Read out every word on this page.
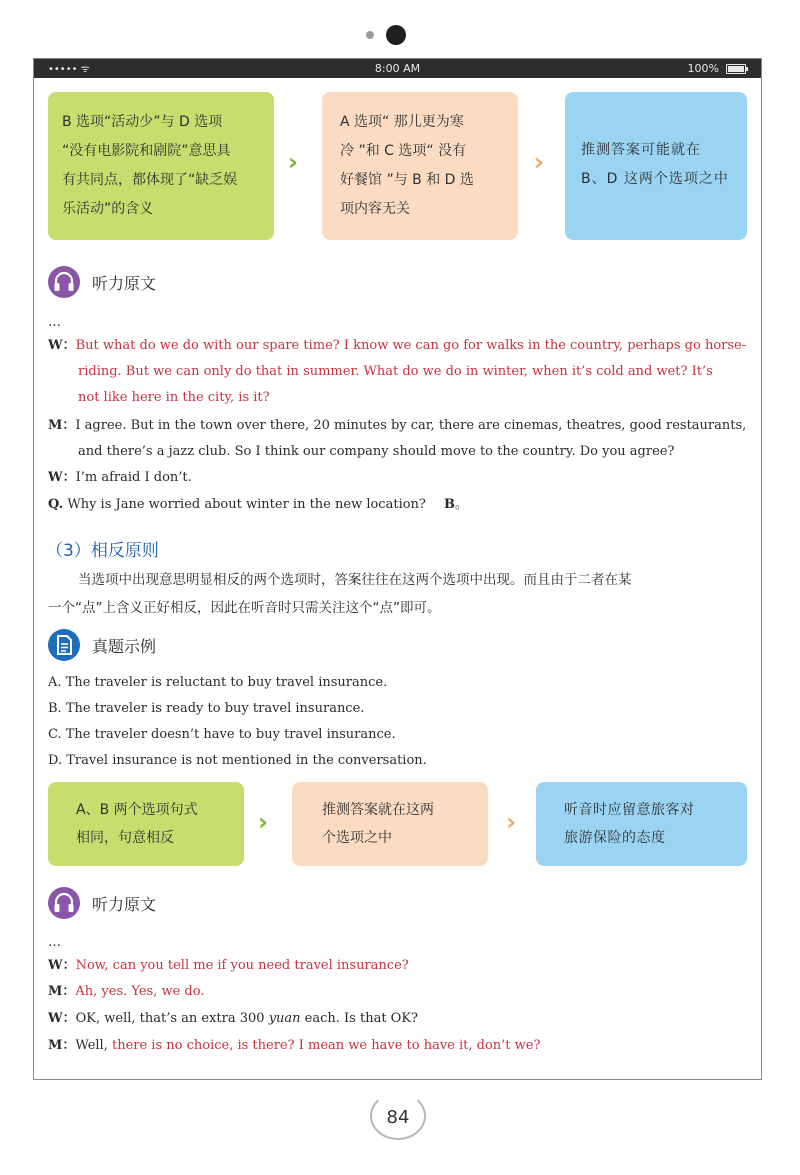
••••• ᯤ	8:00 AM	100%
B 选项“活动少”与 D 选项
“没有电影院和剧院”意思具
有共同点，都体现了“缺乏娱
乐活动”的含义
›
A 选项“ 那儿更为寒
冷 ”和 C 选项“ 没有
好餐馆 ”与 B 和 D 选
项内容无关
›	推测答案可能就在
B、D 这两个选项之中
听力原文
…
W：But what do we do with our spare time? I know we can go for walks in the country, perhaps go horse-
riding. But we can only do that in summer. What do we do in winter, when it’s cold and wet? It’s
not like here in the city, is it?
M：I agree. But in the town over there, 20 minutes by car, there are cinemas, theatres, good restaurants,
and there’s a jazz club. So I think our company should move to the country. Do you agree?
W：I’m afraid I don’t.
Q. Why is Jane worried about winter in the new location? B。
（3）相反原则
当选项中出现意思明显相反的两个选项时，答案往往在这两个选项中出现。而且由于二者在某
一个“点”上含义正好相反，因此在听音时只需关注这个“点”即可。
真题示例
A. The traveler is reluctant to buy travel insurance.
B. The traveler is ready to buy travel insurance.
C. The traveler doesn’t have to buy travel insurance.
D. Travel insurance is not mentioned in the conversation.
A、B 两个选项句式
相同，句意相反
›	推测答案就在这两
个选项之中
›	听音时应留意旅客对
旅游保险的态度
听力原文
…
W：Now, can you tell me if you need travel insurance?
M：Ah, yes. Yes, we do.
W：OK, well, that’s an extra 300 yuan each. Is that OK?
M：Well, there is no choice, is there? I mean we have to have it, don’t we?
84
